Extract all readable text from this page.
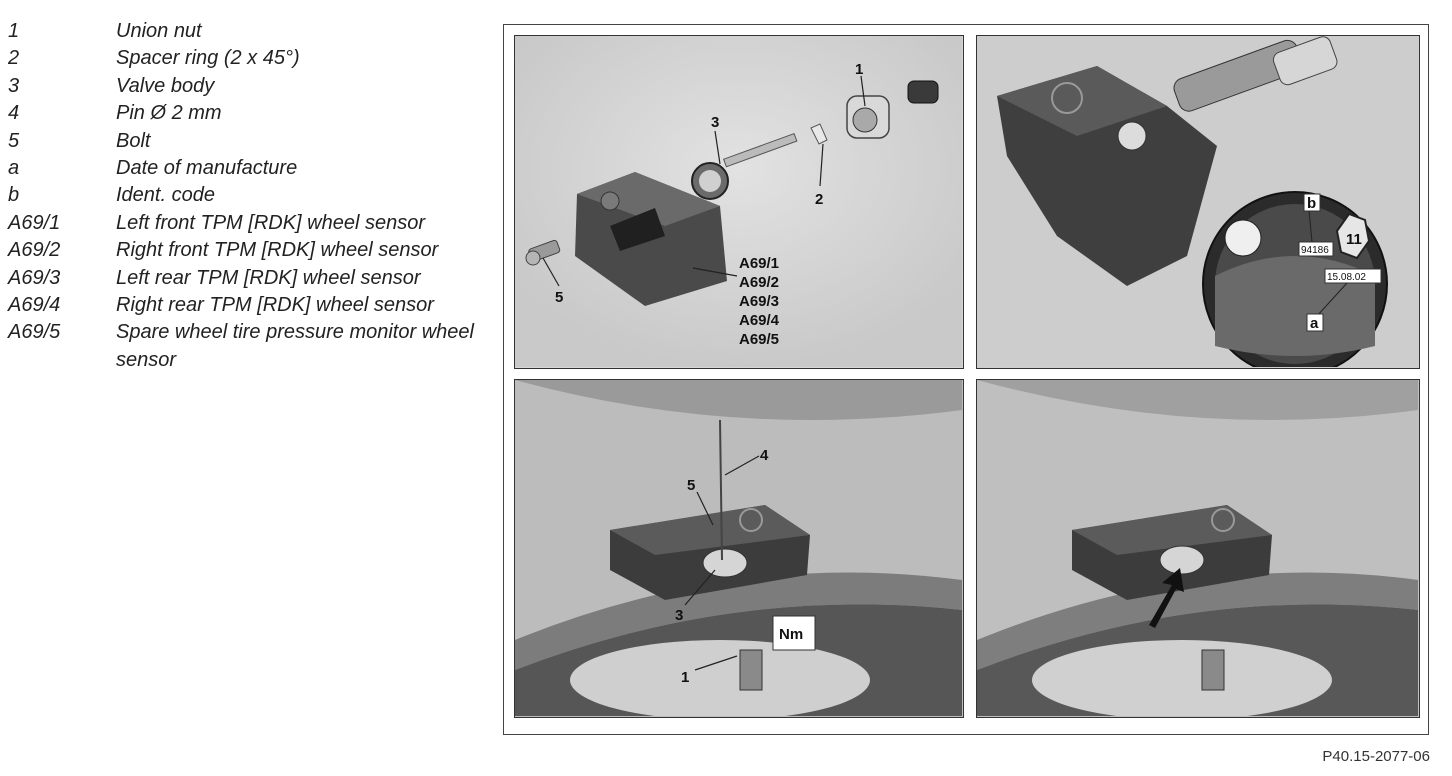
1	Union nut
2	Spacer ring (2 x 45°)
3	Valve body
4	Pin Ø 2 mm
5	Bolt
a	Date of manufacture
b	Ident. code
A69/1	Left front TPM [RDK] wheel sensor
A69/2	Right front TPM [RDK] wheel sensor
A69/3	Left rear TPM [RDK] wheel sensor
A69/4	Right rear TPM [RDK] wheel sensor
A69/5	Spare wheel tire pressure monitor wheel sensor
1
3
2
5
A69/1
A69/2
A69/3
A69/4
A69/5
11
94186
15.08.02
b
a
4
5
3
1
Nm
P40.15-2077-06
